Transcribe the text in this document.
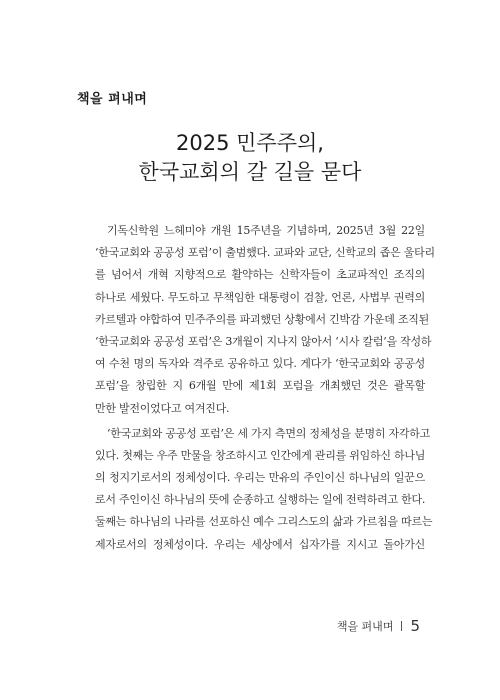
책을 펴내며
2025 민주주의,
한국교회의 갈 길을 묻다
기독신학원 느헤미야 개원 15주년을 기념하며, 2025년 3월 22일
‘한국교회와 공공성 포럼’이 출범했다. 교파와 교단, 신학교의 좁은 울타리
를 넘어서 개혁 지향적으로 활약하는 신학자들이 초교파적인 조직의
하나로 세웠다. 무도하고 무책임한 대통령이 검찰, 언론, 사법부 권력의
카르텔과 야합하여 민주주의를 파괴했던 상황에서 긴박감 가운데 조직된
‘한국교회와 공공성 포럼’은 3개월이 지나지 않아서 ‘시사 칼럼’을 작성하
여 수천 명의 독자와 격주로 공유하고 있다. 게다가 ‘한국교회와 공공성
포럼’을 창립한 지 6개월 만에 제1회 포럼을 개최했던 것은 괄목할
만한 발전이었다고 여겨진다.
‘한국교회와 공공성 포럼’은 세 가지 측면의 정체성을 분명히 자각하고
있다. 첫째는 우주 만물을 창조하시고 인간에게 관리를 위임하신 하나님
의 청지기로서의 정체성이다. 우리는 만유의 주인이신 하나님의 일꾼으
로서 주인이신 하나님의 뜻에 순종하고 실행하는 일에 전력하려고 한다.
둘째는 하나님의 나라를 선포하신 예수 그리스도의 삶과 가르침을 따르는
제자로서의 정체성이다. 우리는 세상에서 십자가를 지시고 돌아가신
책을 펴내며 5
